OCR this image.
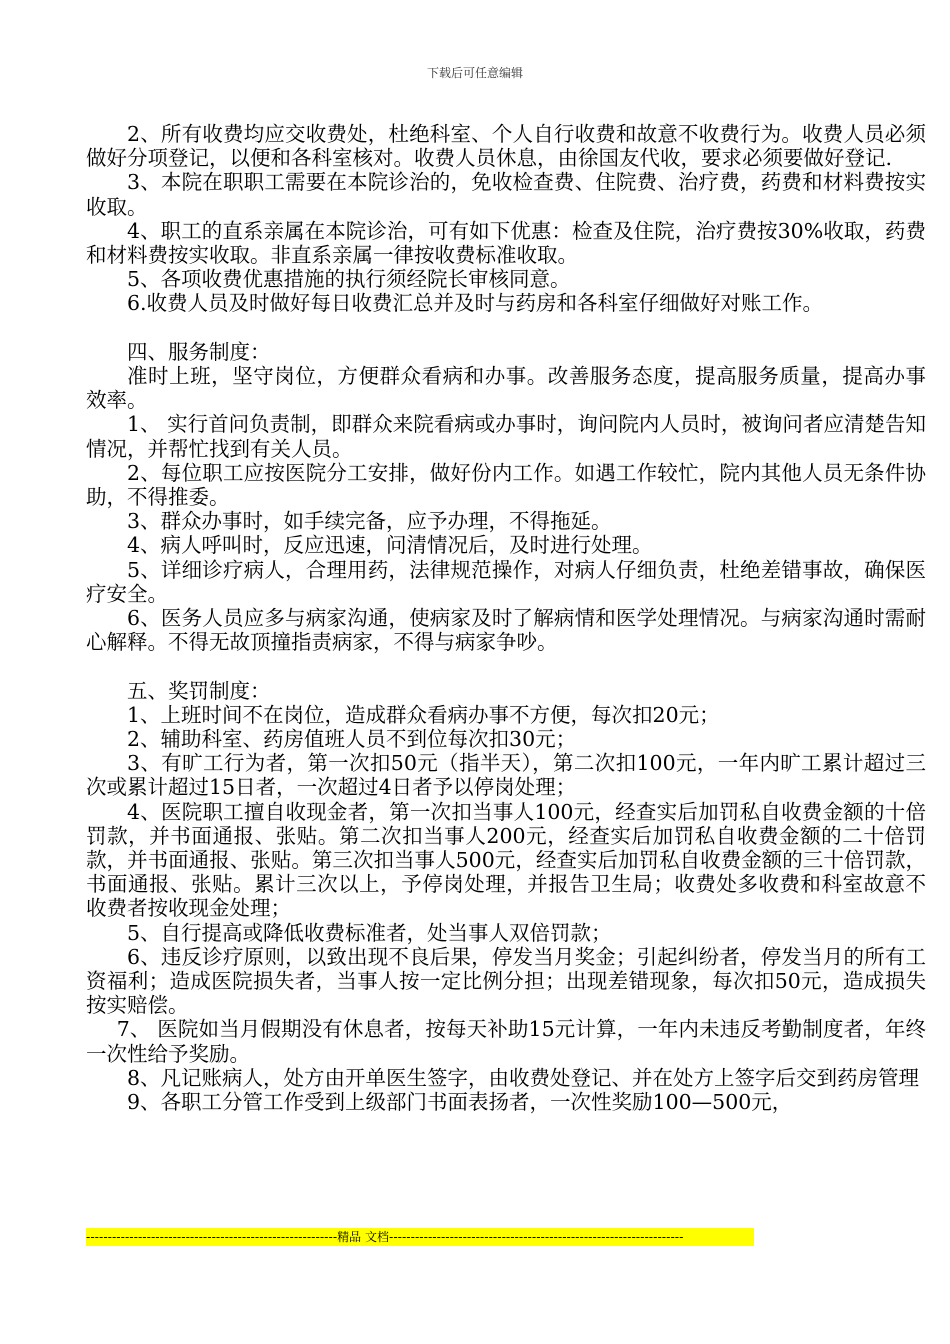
下载后可任意编辑

2、所有收费均应交收费处，杜绝科室、个人自行收费和故意不收费行为。收费人员必须做好分项登记，以便和各科室核对。收费人员休息，由徐国友代收，要求必须要做好登记.

3、本院在职职工需要在本院诊治的，免收检查费、住院费、治疗费，药费和材料费按实收取。

4、职工的直系亲属在本院诊治，可有如下优惠：检查及住院，治疗费按30%收取，药费和材料费按实收取。非直系亲属一律按收费标准收取。

5、各项收费优惠措施的执行须经院长审核同意。

6.收费人员及时做好每日收费汇总并及时与药房和各科室仔细做好对账工作。

四、服务制度：

准时上班，坚守岗位，方便群众看病和办事。改善服务态度，提高服务质量，提高办事效率。

1、 实行首问负责制，即群众来院看病或办事时，询问院内人员时，被询问者应清楚告知情况，并帮忙找到有关人员。

2、每位职工应按医院分工安排，做好份内工作。如遇工作较忙，院内其他人员无条件协助，不得推委。

3、群众办事时，如手续完备，应予办理，不得拖延。

4、病人呼叫时，反应迅速，问清情况后，及时进行处理。

5、详细诊疗病人，合理用药，法律规范操作，对病人仔细负责，杜绝差错事故，确保医疗安全。

6、医务人员应多与病家沟通，使病家及时了解病情和医学处理情况。与病家沟通时需耐心解释。不得无故顶撞指责病家，不得与病家争吵。

五、奖罚制度：

1、上班时间不在岗位，造成群众看病办事不方便，每次扣20元；

2、辅助科室、药房值班人员不到位每次扣30元；

3、有旷工行为者，第一次扣50元（指半天），第二次扣100元，一年内旷工累计超过三次或累计超过15日者，一次超过4日者予以停岗处理；

4、医院职工擅自收现金者，第一次扣当事人100元，经查实后加罚私自收费金额的十倍罚款，并书面通报、张贴。第二次扣当事人200元，经查实后加罚私自收费金额的二十倍罚款，并书面通报、张贴。第三次扣当事人500元，经查实后加罚私自收费金额的三十倍罚款，书面通报、张贴。累计三次以上，予停岗处理，并报告卫生局；收费处多收费和科室故意不收费者按收现金处理；

5、自行提高或降低收费标准者，处当事人双倍罚款；

6、违反诊疗原则，以致出现不良后果，停发当月奖金；引起纠纷者，停发当月的所有工资福利；造成医院损失者，当事人按一定比例分担；出现差错现象，每次扣50元，造成损失按实赔偿。

7、 医院如当月假期没有休息者，按每天补助15元计算，一年内未违反考勤制度者，年终一次性给予奖励。

8、凡记账病人，处方由开单医生签字，由收费处登记、并在处方上签字后交到药房管理

9、各职工分管工作受到上级部门书面表扬者，一次性奖励100—500元，

----------------------------------------------------------精品 文档--------------------------------------------------------------------
